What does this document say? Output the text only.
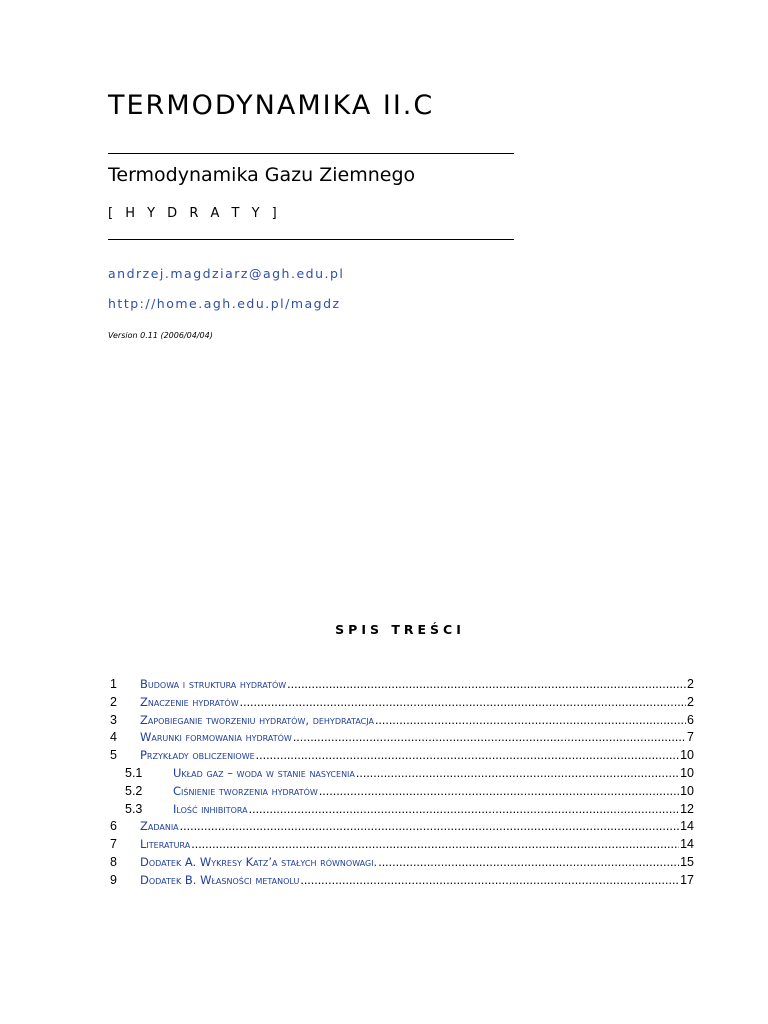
TERMODYNAMIKA II.C
Termodynamika Gazu Ziemnego
[ H Y D R A T Y ]
andrzej.magdziarz@agh.edu.pl
http://home.agh.edu.pl/magdz
Version 0.11 (2006/04/04)
SPIS TREŚCI
1	Budowa i struktura hydratów .....	2
2	Znaczenie hydratów .....	2
3	Zapobieganie tworzeniu hydratów, dehydratacja .....	6
4	Warunki formowania hydratów .....	7
5	Przykłady obliczeniowe .....	10
5.1	Układ gaz – woda w stanie nasycenia .....	10
5.2	Ciśnienie tworzenia hydratów .....	10
5.3	Ilość inhibitora .....	12
6	Zadania .....	14
7	Literatura .....	14
8	Dodatek A. Wykresy Katz’a stałych równowagi. .....	15
9	Dodatek B. Własności metanolu .....	17
